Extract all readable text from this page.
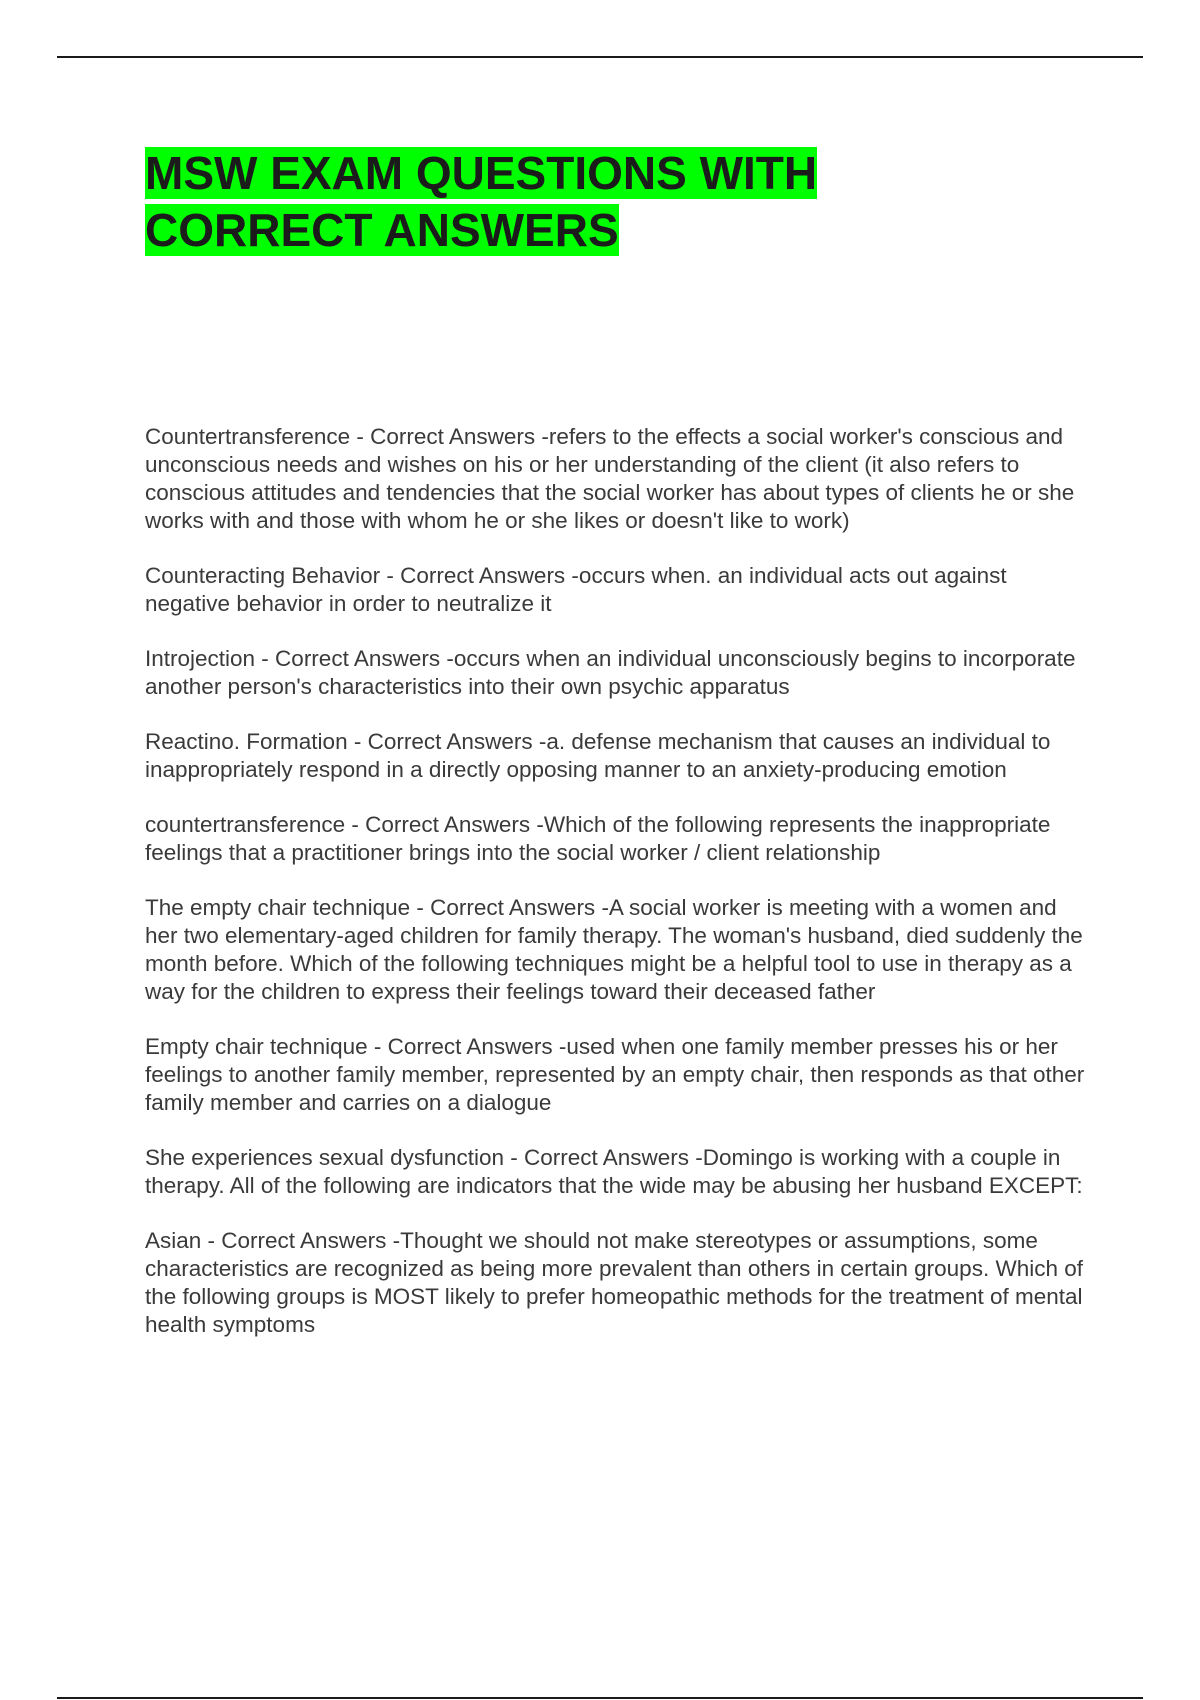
MSW EXAM QUESTIONS WITH CORRECT ANSWERS
Countertransference - Correct Answers -refers to the effects a social worker's conscious and unconscious needs and wishes on his or her understanding of the client (it also refers to conscious attitudes and tendencies that the social worker has about types of clients he or she works with and those with whom he or she likes or doesn't like to work)
Counteracting Behavior - Correct Answers -occurs when. an individual acts out against negative behavior in order to neutralize it
Introjection - Correct Answers -occurs when an individual unconsciously begins to incorporate another person's characteristics into their own psychic apparatus
Reactino. Formation - Correct Answers -a. defense mechanism that causes an individual to inappropriately respond in a directly opposing manner to an anxiety-producing emotion
countertransference - Correct Answers -Which of the following represents the inappropriate feelings that a practitioner brings into the social worker / client relationship
The empty chair technique - Correct Answers -A social worker is meeting with a women and her two elementary-aged children for family therapy. The woman's husband, died suddenly the month before. Which of the following techniques might be a helpful tool to use in therapy as a way for the children to express their feelings toward their deceased father
Empty chair technique - Correct Answers -used when one family member presses his or her feelings to another family member, represented by an empty chair, then responds as that other family member and carries on a dialogue
She experiences sexual dysfunction - Correct Answers -Domingo is working with a couple in therapy. All of the following are indicators that the wide may be abusing her husband EXCEPT:
Asian - Correct Answers -Thought we should not make stereotypes or assumptions, some characteristics are recognized as being more prevalent than others in certain groups. Which of the following groups is MOST likely to prefer homeopathic methods for the treatment of mental health symptoms
